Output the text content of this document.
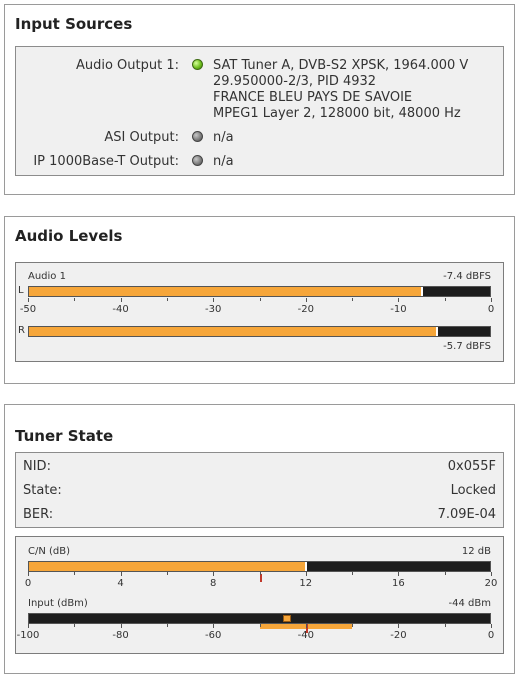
Input Sources
Audio Output 1:	SAT Tuner A, DVB-S2 XPSK, 1964.000 V
29.950000-2/3, PID 4932
FRANCE BLEU PAYS DE SAVOIE
MPEG1 Layer 2, 128000 bit, 48000 Hz
ASI Output:	n/a
IP 1000Base-T Output:	n/a
Audio Levels
Audio 1	-7.4 dBFS
L
-50	-40	-30	-20	-10	0
R
-5.7 dBFS
Tuner State
NID:	0x055F
State:	Locked
BER:	7.09E-04
C/N (dB)	12 dB
0	4	8	12	16	20
Input (dBm)	-44 dBm
-100	-80	-60	-40	-20	0
